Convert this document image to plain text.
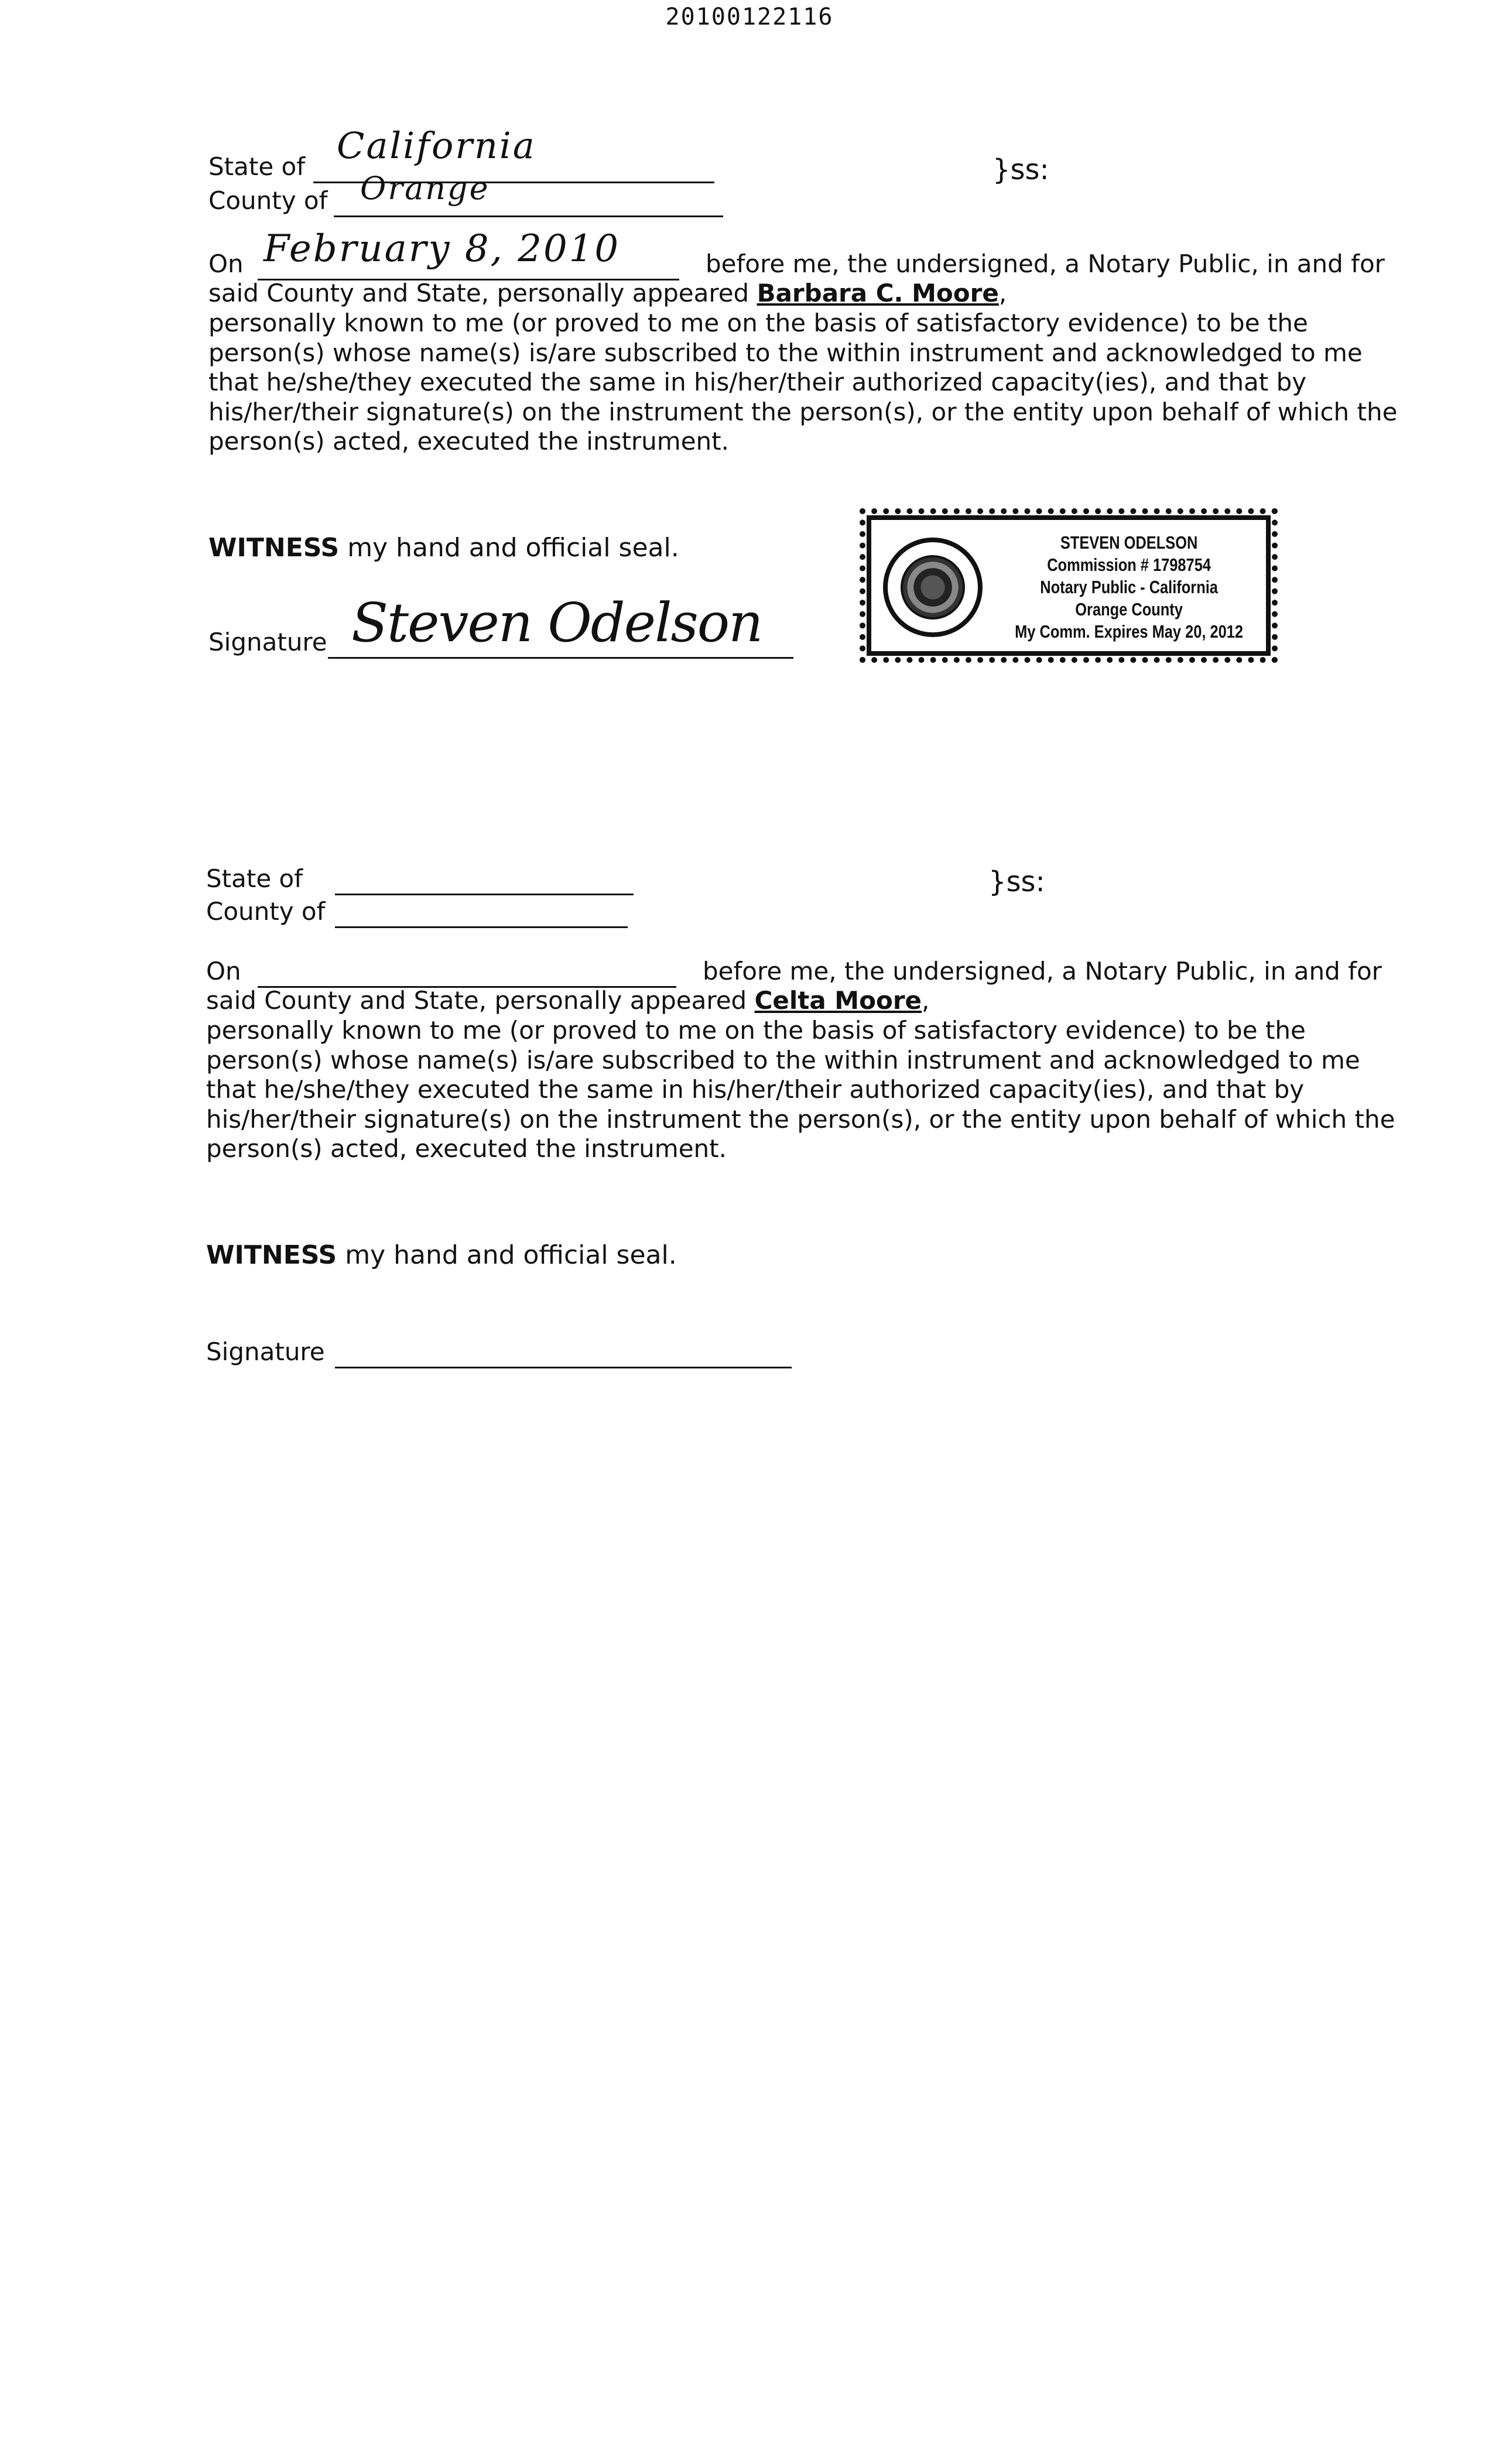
20100122116
State of California
County of Orange	}ss:
On February 8, 2010	before me, the undersigned, a Notary Public, in and for
said County and State, personally appeared Barbara C. Moore,
personally known to me (or proved to me on the basis of satisfactory evidence) to be the
person(s) whose name(s) is/are subscribed to the within instrument and acknowledged to me
that he/she/they executed the same in his/her/their authorized capacity(ies), and that by
his/her/their signature(s) on the instrument the person(s), or the entity upon behalf of which the
person(s) acted, executed the instrument.
WITNESS my hand and official seal.
Signature Steven Odelson
STEVEN ODELSON
Commission # 1798754
Notary Public - California
Orange County
My Comm. Expires May 20, 2012
State of
County of
}ss:
On	before me, the undersigned, a Notary Public, in and for
said County and State, personally appeared Celta Moore,
personally known to me (or proved to me on the basis of satisfactory evidence) to be the
person(s) whose name(s) is/are subscribed to the within instrument and acknowledged to me
that he/she/they executed the same in his/her/their authorized capacity(ies), and that by
his/her/their signature(s) on the instrument the person(s), or the entity upon behalf of which the
person(s) acted, executed the instrument.
WITNESS my hand and official seal.
Signature
